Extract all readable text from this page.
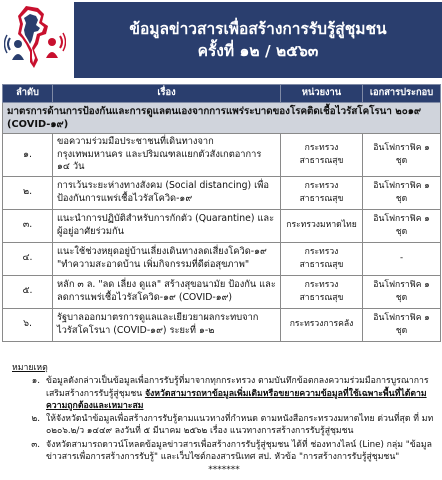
ข้อมูลข่าวสารเพื่อสร้างการรับรู้สู่ชุมชน
ครั้งที่ ๑๒ / ๒๕๖๓
ลำดับ	เรื่อง	หน่วยงาน	เอกสารประกอบ
มาตรการด้านการป้องกันและการดูแลตนเองจากการแพร่ระบาดของโรคติดเชื้อไวรัสโคโรนา ๒๐๑๙ (COVID-๑๙)			
๑.	ขอความร่วมมือประชาชนที่เดินทางจากกรุงเทพมหานคร และปริมณฑลแยกตัวสังเกตอาการ ๑๔ วัน	กระทรวงสาธารณสุข	อินโฟกราฟิค ๑ ชุด
๒.	การเว้นระยะห่างทางสังคม (Social distancing) เพื่อป้องกันการแพร่เชื้อไวรัสโควิด-๑๙	กระทรวงสาธารณสุข	อินโฟกราฟิค ๑ ชุด
๓.	แนะนำการปฏิบัติสำหรับการกักตัว (Quarantine) และ ผู้อยู่อาศัยร่วมกัน	กระทรวงมหาดไทย	อินโฟกราฟิค ๑ ชุด
๔.	แนะใช้ช่วงหยุดอยู่บ้านเลี่ยงเดินทางลดเสี่ยงโควิด-๑๙ "ทำความสะอาดบ้าน เพิ่มกิจกรรมที่ดีต่อสุขภาพ"	กระทรวงสาธารณสุข	-
๕.	หลัก ๓ ล. "ลด เลี่ยง ดูแล" สร้างสุขอนามัย ป้องกัน และลดการแพร่เชื้อไวรัสโควิด-๑๙ (COVID-๑๙)	กระทรวงสาธารณสุข	อินโฟกราฟิค ๑ ชุด
๖.	รัฐบาลออกมาตรการดูแลและเยียวยาผลกระทบจาก ไวรัสโคโรนา (COVID-๑๙) ระยะที่ ๑-๒	กระทรวงการคลัง	อินโฟกราฟิค ๑ ชุด
หมายเหตุ
๑. ข้อมูลดังกล่าวเป็นข้อมูลเพื่อการรับรู้ที่มาจากทุกกระทรวง ตามบันทึกข้อตกลงความร่วมมือการบูรณาการเสริมสร้างการรับรู้สู่ชุมชน จังหวัดสามารถหาข้อมูลเพิ่มเติมหรือขยายความข้อมูลที่ใช้เฉพาะพื้นที่ได้ตามความถูกต้องและเหมาะสม
๒. ให้จังหวัดนำข้อมูลเพื่อสร้างการรับรู้ตามแนวทางที่กำหนด ตามหนังสือกระทรวงมหาดไทย ด่วนที่สุด ที่ มท ๐๒๐๖.๒/ว ๑๔๔๙ ลงวันที่ ๕ มีนาคม ๒๕๖๒ เรื่อง แนวทางการสร้างการรับรู้สู่ชุมชน
๓. จังหวัดสามารถดาวน์โหลดข้อมูลข่าวสารเพื่อสร้างการรับรู้สู่ชุมชน ได้ที่ ช่องทางไลน์ (Line) กลุ่ม "ข้อมูลข่าวสารเพื่อการสร้างการรับรู้" และเว็บไซต์กองสารนิเทศ สป. หัวข้อ "การสร้างการรับรู้สู่ชุมชน"
*******
